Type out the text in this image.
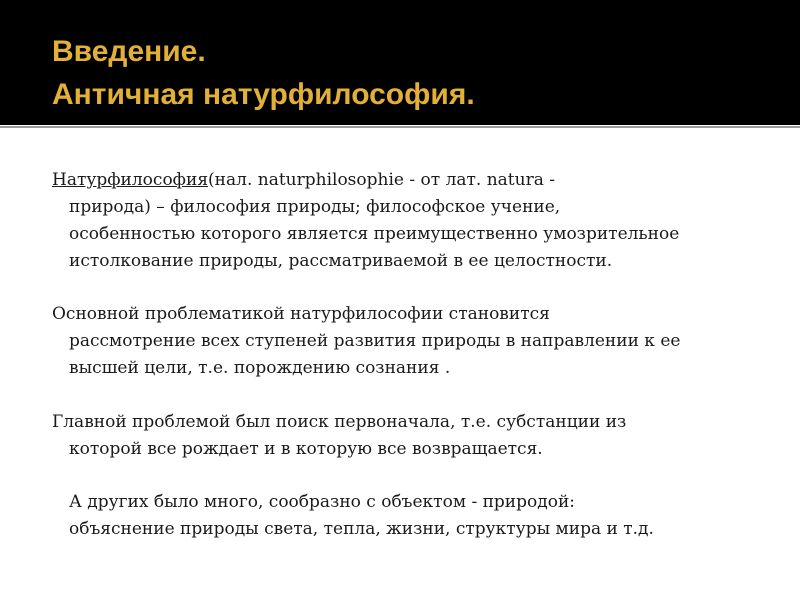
Введение.
Античная натурфилософия.
Натурфилософия(нал. naturphilosophie - от лат. natura -
природа) – философия природы; философское учение,
особенностью которого является преимущественно умозрительное
истолкование природы, рассматриваемой в ее целостности.
Основной проблематикой натурфилософии становится
рассмотрение всех ступеней развития природы в направлении к ее
высшей цели, т.е. порождению сознания .
Главной проблемой был поиск первоначала, т.е. субстанции из
которой все рождает и в которую все возвращается.
А других было много, сообразно с объектом - природой:
объяснение природы света, тепла, жизни, структуры мира и т.д.
